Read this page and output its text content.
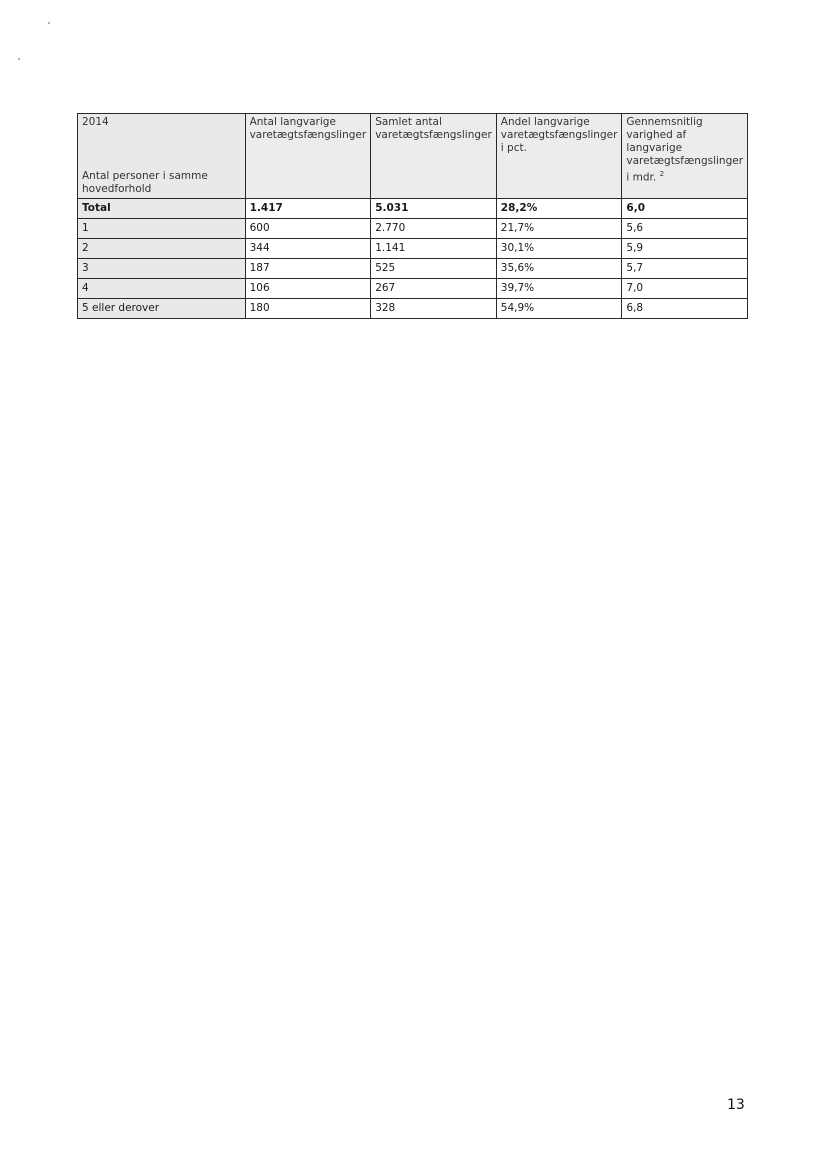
2014
Antal personer i samme hovedforhold	Antal langvarige varetægtsfængslinger	Samlet antal varetægtsfængslinger	Andel langvarige varetægtsfængslinger i pct.	Gennemsnitlig varighed af langvarige varetægtsfængslinger i mdr. $^2$
Total	1.417	5.031	28,2%	6,0
1	600	2.770	21,7%	5,6
2	344	1.141	30,1%	5,9
3	187	525	35,6%	5,7
4	106	267	39,7%	7,0
5 eller derover	180	328	54,9%	6,8
13
